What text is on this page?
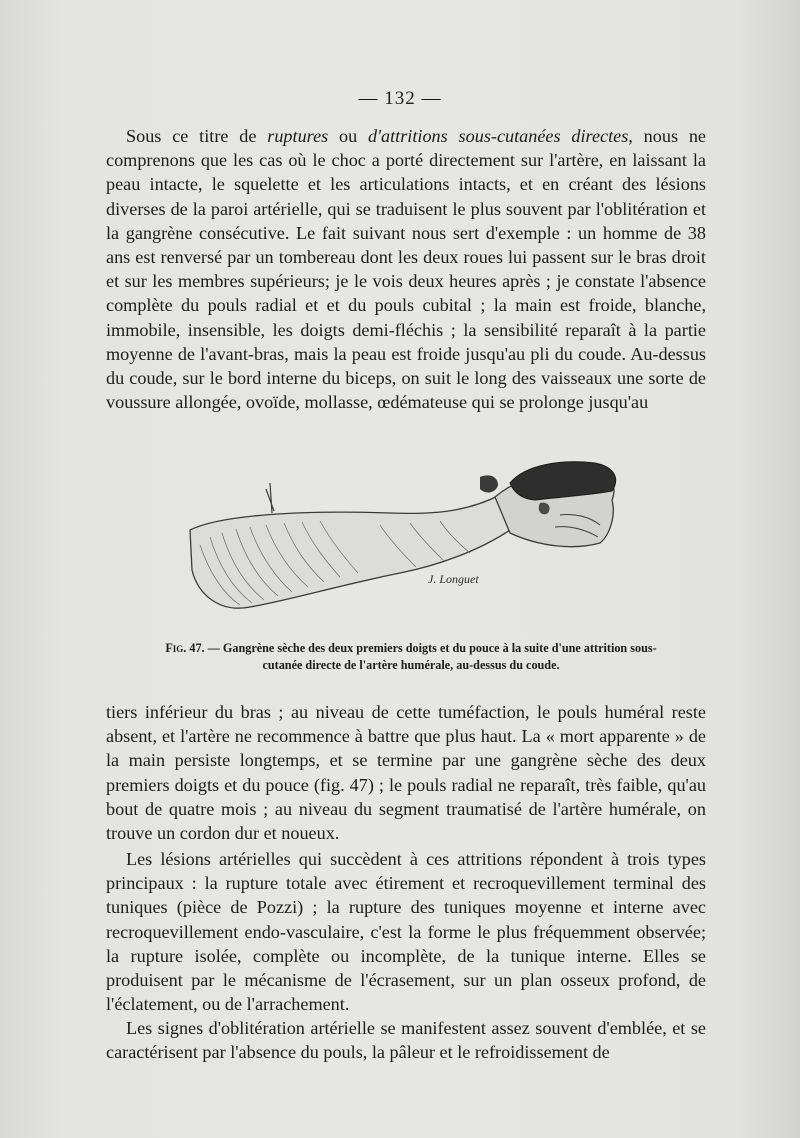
— 132 —

Sous ce titre de ruptures ou d'attritions sous-cutanées directes, nous ne comprenons que les cas où le choc a porté directement sur l'artère, en laissant la peau intacte, le squelette et les articulations intacts, et en créant des lésions diverses de la paroi artérielle, qui se traduisent le plus souvent par l'oblitération et la gangrène consécutive. Le fait suivant nous sert d'exemple : un homme de 38 ans est renversé par un tombereau dont les deux roues lui passent sur le bras droit et sur les membres supérieurs; je le vois deux heures après ; je constate l'absence complète du pouls radial et et du pouls cubital ; la main est froide, blanche, immobile, insensible, les doigts demi-fléchis ; la sensibilité reparaît à la partie moyenne de l'avant-bras, mais la peau est froide jusqu'au pli du coude. Au-dessus du coude, sur le bord interne du biceps, on suit le long des vaisseaux une sorte de voussure allongée, ovoïde, mollasse, œdémateuse qui se prolonge jusqu'au

J. Longuet
Fig. 47. — Gangrène sèche des deux premiers doigts et du pouce à la suite d'une attrition sous-cutanée directe de l'artère humérale, au-dessus du coude.

tiers inférieur du bras ; au niveau de cette tuméfaction, le pouls huméral reste absent, et l'artère ne recommence à battre que plus haut. La « mort apparente » de la main persiste longtemps, et se termine par une gangrène sèche des deux premiers doigts et du pouce (fig. 47) ; le pouls radial ne reparaît, très faible, qu'au bout de quatre mois ; au niveau du segment traumatisé de l'artère humérale, on trouve un cordon dur et noueux.

Les lésions artérielles qui succèdent à ces attritions répondent à trois types principaux : la rupture totale avec étirement et recroquevillement terminal des tuniques (pièce de Pozzi) ; la rupture des tuniques moyenne et interne avec recroquevillement endo-vasculaire, c'est la forme le plus fréquemment observée; la rupture isolée, complète ou incomplète, de la tunique interne. Elles se produisent par le mécanisme de l'écrasement, sur un plan osseux profond, de l'éclatement, ou de l'arrachement.

Les signes d'oblitération artérielle se manifestent assez souvent d'emblée, et se caractérisent par l'absence du pouls, la pâleur et le refroidissement de
